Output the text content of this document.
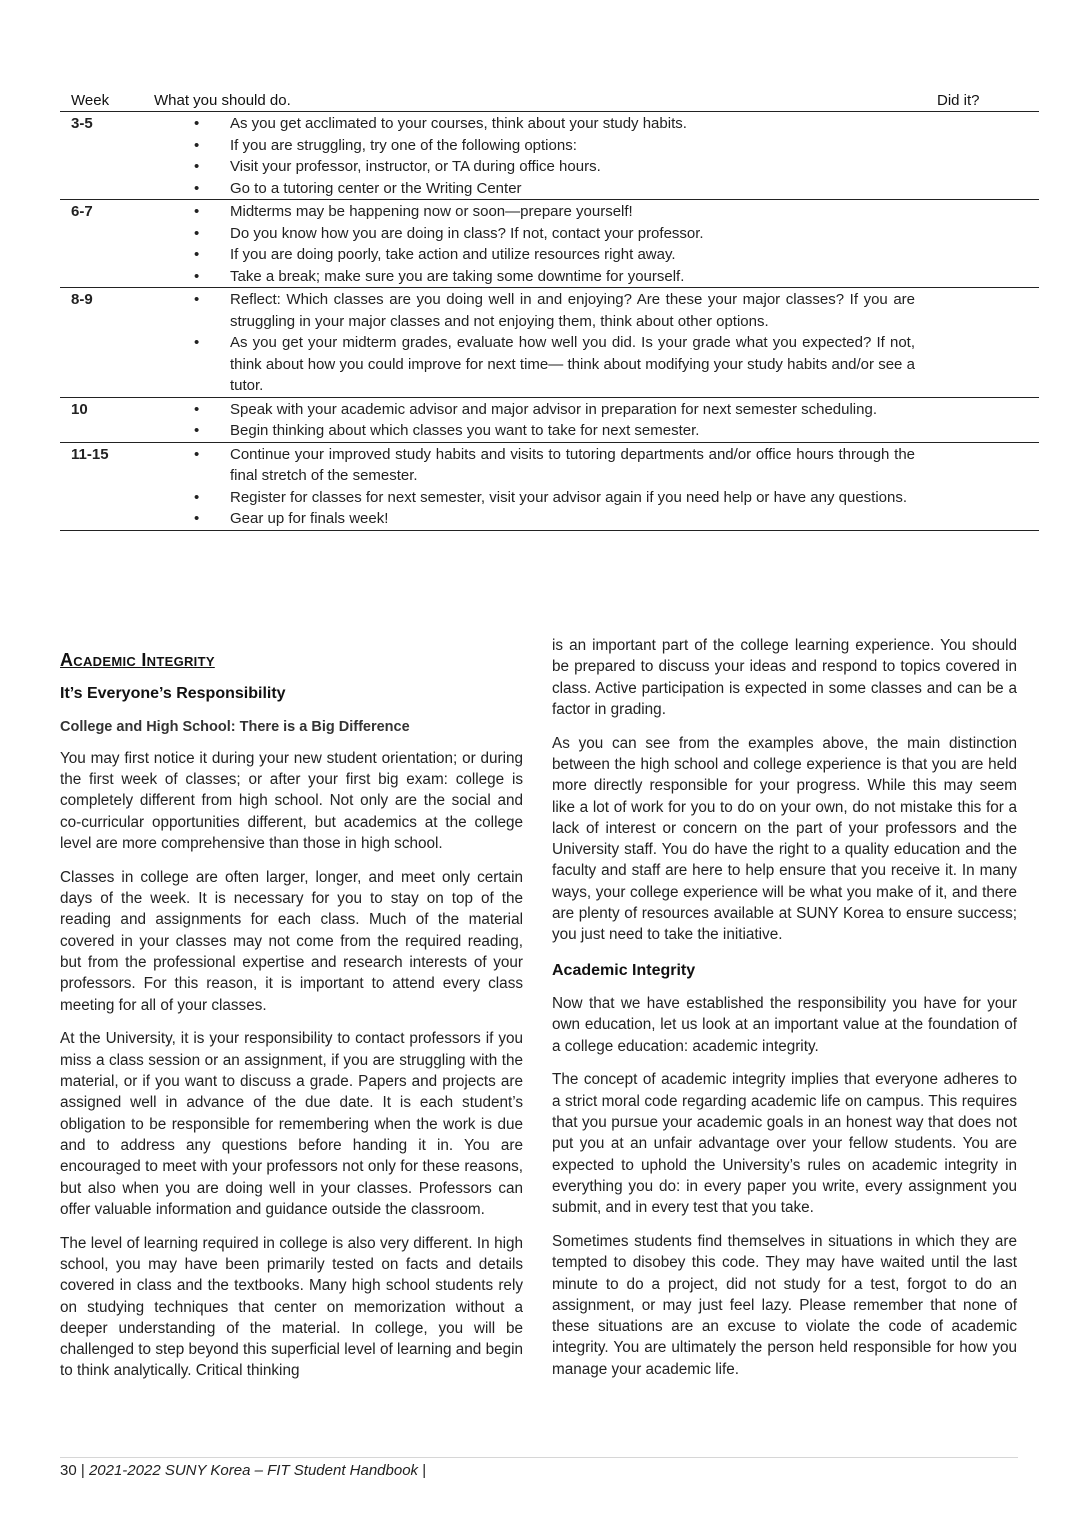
Week	What you should do.	Did it?
3-5	• As you get acclimated to your courses, think about your study habits.
• If you are struggling, try one of the following options:
• Visit your professor, instructor, or TA during office hours.
• Go to a tutoring center or the Writing Center
6-7	• Midterms may be happening now or soon—prepare yourself!
• Do you know how you are doing in class? If not, contact your professor.
• If you are doing poorly, take action and utilize resources right away.
• Take a break; make sure you are taking some downtime for yourself.
8-9	• Reflect: Which classes are you doing well in and enjoying? Are these your major classes? If you are struggling in your major classes and not enjoying them, think about other options.
• As you get your midterm grades, evaluate how well you did. Is your grade what you expected? If not, think about how you could improve for next time— think about modifying your study habits and/or see a tutor.
10	• Speak with your academic advisor and major advisor in preparation for next semester scheduling.
• Begin thinking about which classes you want to take for next semester.
11-15	• Continue your improved study habits and visits to tutoring departments and/or office hours through the final stretch of the semester.
• Register for classes for next semester, visit your advisor again if you need help or have any questions.
• Gear up for finals week!
Academic Integrity
It’s Everyone’s Responsibility
College and High School: There is a Big Difference

You may first notice it during your new student orientation; or during the first week of classes; or after your first big exam: college is completely different from high school. Not only are the social and co-curricular opportunities different, but academics at the college level are more comprehensive than those in high school.

Classes in college are often larger, longer, and meet only certain days of the week. It is necessary for you to stay on top of the reading and assignments for each class. Much of the material covered in your classes may not come from the required reading, but from the professional expertise and research interests of your professors. For this reason, it is important to attend every class meeting for all of your classes.

At the University, it is your responsibility to contact professors if you miss a class session or an assignment, if you are struggling with the material, or if you want to discuss a grade. Papers and projects are assigned well in advance of the due date. It is each student’s obligation to be responsible for remembering when the work is due and to address any questions before handing it in. You are encouraged to meet with your professors not only for these reasons, but also when you are doing well in your classes. Professors can offer valuable information and guidance outside the classroom.

The level of learning required in college is also very different. In high school, you may have been primarily tested on facts and details covered in class and the textbooks. Many high school students rely on studying techniques that center on memorization without a deeper understanding of the material. In college, you will be challenged to step beyond this superficial level of learning and begin to think analytically. Critical thinking

is an important part of the college learning experience. You should be prepared to discuss your ideas and respond to topics covered in class. Active participation is expected in some classes and can be a factor in grading.

As you can see from the examples above, the main distinction between the high school and college experience is that you are held more directly responsible for your progress. While this may seem like a lot of work for you to do on your own, do not mistake this for a lack of interest or concern on the part of your professors and the University staff. You do have the right to a quality education and the faculty and staff are here to help ensure that you receive it. In many ways, your college experience will be what you make of it, and there are plenty of resources available at SUNY Korea to ensure success; you just need to take the initiative.

Academic Integrity

Now that we have established the responsibility you have for your own education, let us look at an important value at the foundation of a college education: academic integrity.

The concept of academic integrity implies that everyone adheres to a strict moral code regarding academic life on campus. This requires that you pursue your academic goals in an honest way that does not put you at an unfair advantage over your fellow students. You are expected to uphold the University’s rules on academic integrity in everything you do: in every paper you write, every assignment you submit, and in every test that you take.

Sometimes students find themselves in situations in which they are tempted to disobey this code. They may have waited until the last minute to do a project, did not study for a test, forgot to do an assignment, or may just feel lazy. Please remember that none of these situations are an excuse to violate the code of academic integrity. You are ultimately the person held responsible for how you manage your academic life.

30 | 2021-2022 SUNY Korea – FIT Student Handbook |
